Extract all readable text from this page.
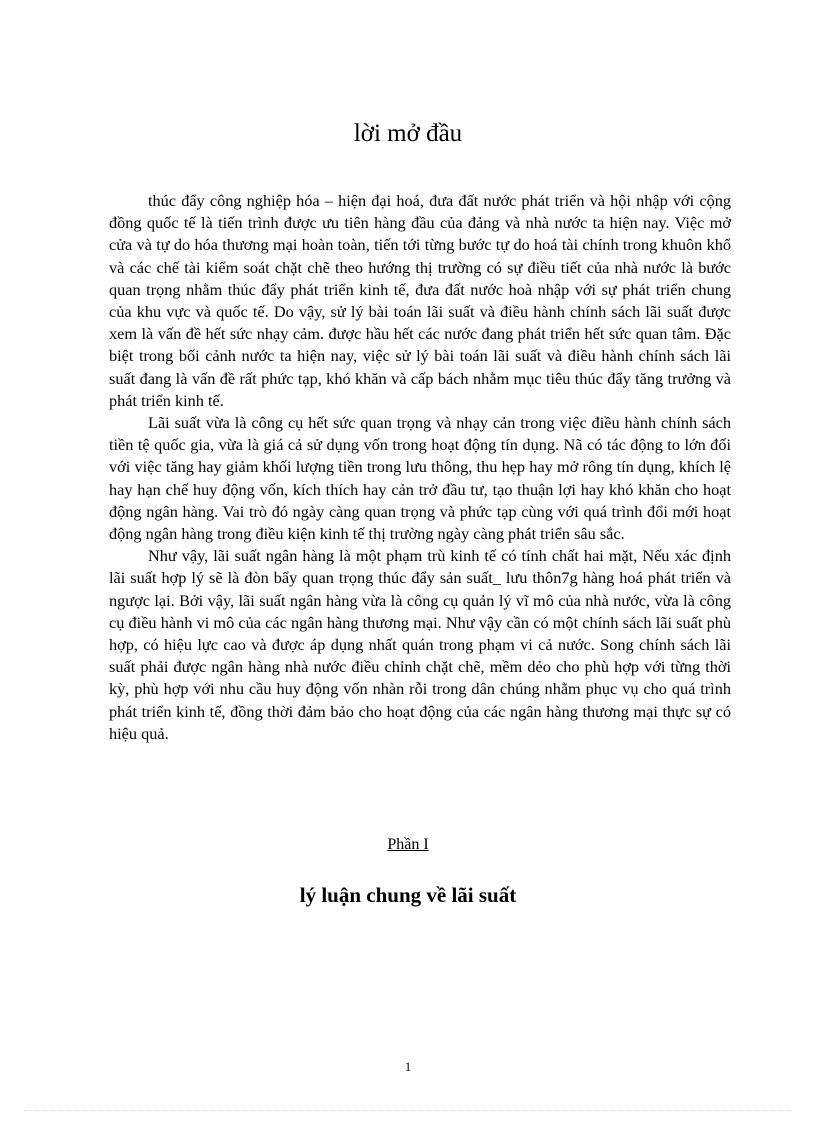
lời mở đầu

thúc đẩy công nghiệp hóa – hiện đại hoá, đưa đất nước phát triển và hội nhập với cộng đồng quốc tế là tiến trình được ưu tiên hàng đầu của đảng và nhà nước ta hiện nay. Việc mở cửa và tự do hóa thương mại hoàn toàn, tiến tới từng bước tự do hoá tài chính trong khuôn khổ và các chế tài kiểm soát chặt chẽ theo hướng thị trường có sự điều tiết của nhà nước là bước quan trọng nhằm thúc đẩy phát triển kinh tế, đưa đất nước hoà nhập với sự phát triển chung của khu vực và quốc tế. Do vậy, sử lý bài toán lãi suất và điều hành chính sách lãi suất được xem là vấn đề hết sức nhạy cảm. được hầu hết các nước đang phát triển hết sức quan tâm. Đặc biệt trong bối cảnh nước ta hiện nay, việc sử lý bài toán lãi suất và điều hành chính sách lãi suất đang là vấn đề rất phức tạp, khó khăn và cấp bách nhằm mục tiêu thúc đẩy tăng trưởng và phát triển kinh tế.

Lãi suất vừa là công cụ hết sức quan trọng và nhạy cản trong việc điều hành chính sách tiền tệ quốc gia, vừa là giá cả sử dụng vốn trong hoạt động tín dụng. Nã có tác động to lớn đối với việc tăng hay giảm khối lượng tiền trong lưu thông, thu hẹp hay mở rông tín dụng, khích lệ hay hạn chế huy động vốn, kích thích hay cản trở đầu tư, tạo thuận lợi hay khó khăn cho hoạt động ngân hàng. Vai trò đó ngày càng quan trọng và phức tạp cùng với quá trình đổi mới hoạt động ngân hàng trong điều kiện kinh tế thị trường ngày càng phát triển sâu sắc.

Như vậy, lãi suất ngân hàng là một phạm trù kinh tế có tính chất hai mặt, Nếu xác định lãi suất hợp lý sẽ là đòn bẩy quan trọng thúc đẩy sản suất_ lưu thôn7g hàng hoá phát triển và ngược lại. Bởi vậy, lãi suất ngân hàng vừa là công cụ quản lý vĩ mô của nhà nước, vừa là công cụ điều hành vi mô của các ngân hàng thương mại. Như vậy cần có một chính sách lãi suất phù hợp, có hiệu lực cao và được áp dụng nhất quán trong phạm vi cả nước. Song chính sách lãi suất phải được ngân hàng nhà nước điều chỉnh chặt chẽ, mềm dẻo cho phù hợp với từng thời kỳ, phù hợp với nhu cầu huy động vốn nhàn rỗi trong dân chúng nhằm phục vụ cho quá trình phát triển kinh tế, đồng thời đảm bảo cho hoạt động của các ngân hàng thương mại thực sự có hiệu quả.

Phần I
lý luận chung về lãi suất
1
